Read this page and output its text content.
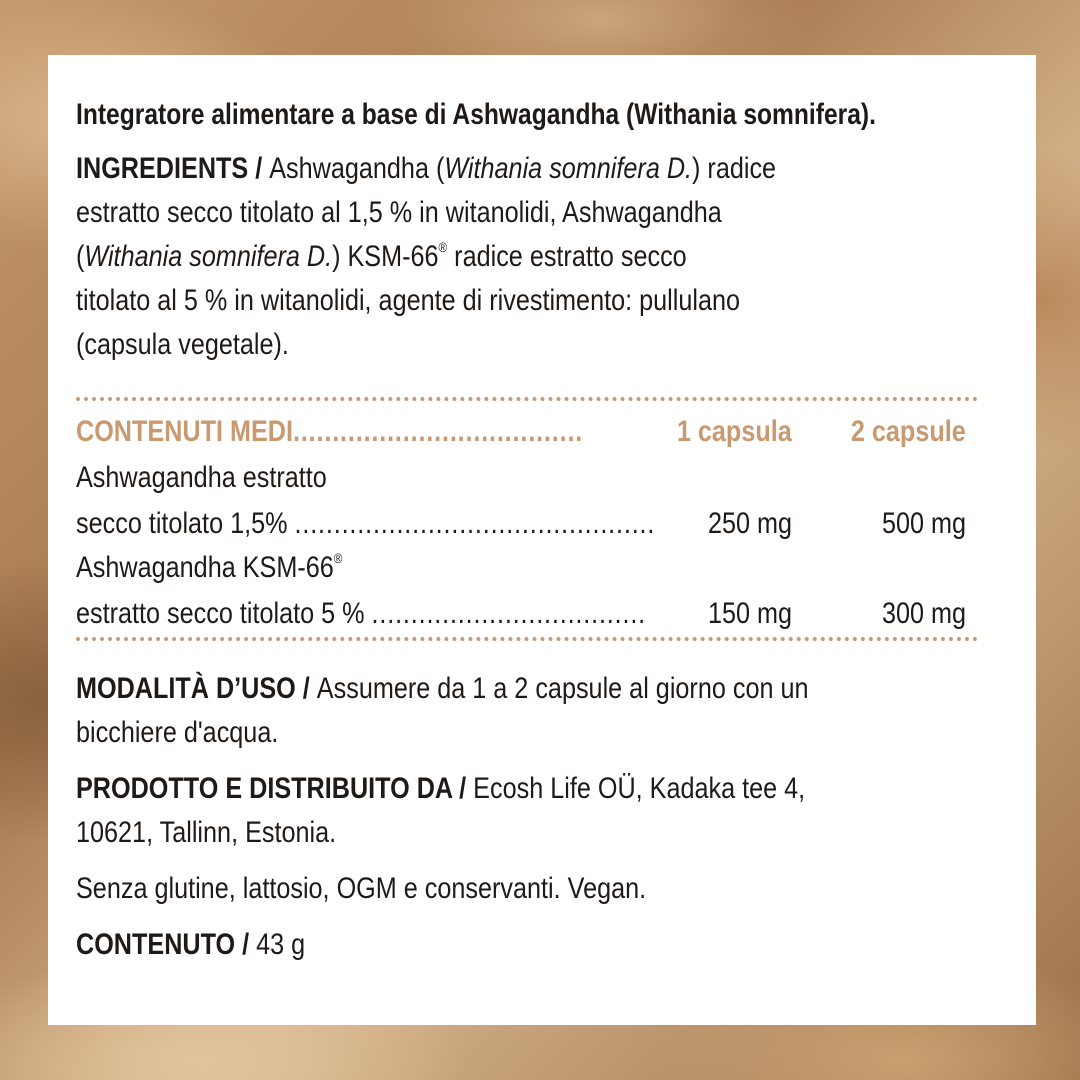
Integratore alimentare a base di Ashwagandha (Withania somnifera).
INGREDIENTS / Ashwagandha (Withania somnifera D.) radice
estratto secco titolato al 1,5 % in witanolidi, Ashwagandha
(Withania somnifera D.) KSM-66® radice estratto secco
titolato al 5 % in witanolidi, agente di rivestimento: pullulano
(capsula vegetale).
CONTENUTI MEDI.....................................	1 capsula	2 capsule
Ashwagandha estratto
secco titolato 1,5% ..............................................	250 mg	500 mg
Ashwagandha KSM-66®
estratto secco titolato 5 % ...................................	150 mg	300 mg
MODALITÀ D’USO / Assumere da 1 a 2 capsule al giorno con un
bicchiere d'acqua.
PRODOTTO E DISTRIBUITO DA / Ecosh Life OÜ, Kadaka tee 4,
10621, Tallinn, Estonia.
Senza glutine, lattosio, OGM e conservanti. Vegan.
CONTENUTO / 43 g
